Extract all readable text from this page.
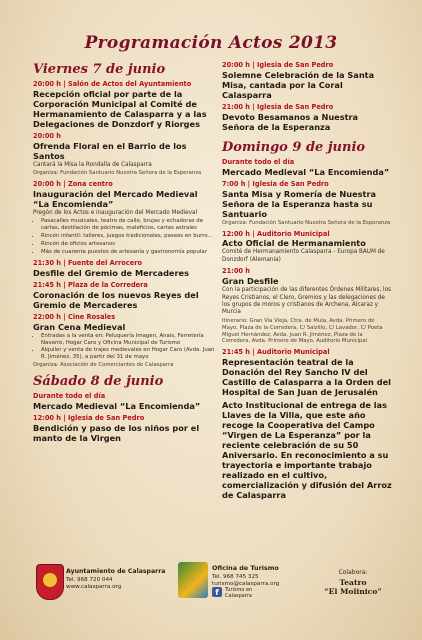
Programación Actos 2013
Viernes 7 de junio
20:00 h | Salón de Actos del Ayuntamiento
Recepción oficial por parte de la Corporación Municipal al Comité de Hermanamiento de Calasparra y a las Delegaciones de Donzdorf y Riorges
20:00 h
Ofrenda Floral en el Barrio de los Santos
Cantará la Misa la Rondalla de Calasparra
Organiza: Fundación Santuario Nuestra Señora de la Esperanza
20:00 h | Zona centro
Inauguración del Mercado Medieval “La Encomienda”
Pregón de los Actos e inauguración del Mercado Medieval
• Pasacalles musicales, teatro de calle, brujas y echadoras de cartas, destilación de pócimas, maleficios, cartas astrales
• Rincón infantil: talleres, juegos tradicionales, paseos en burro…
• Rincón de oficios artesanos
• Más de cuarenta puestos de artesanía y gastronomía popular
21:30 h | Fuente del Arrocero
Desfile del Gremio de Mercaderes
21:45 h | Plaza de la Corredera
Coronación de los nuevos Reyes del Gremio de Mercaderes
22:00 h | Cine Rosales
Gran Cena Medieval
• Entradas a la venta en: Peluquería Imagen, Anais, Ferretería Navarro, Hogar Caro y Oficina Municipal de Turismo
• Alquiler y venta de trajes medievales en Hogar Caro (Avda. Juan R. Jiménez, 35), a partir del 31 de mayo
Organiza: Asociación de Comerciantes de Calasparra
Sábado 8 de junio
Durante todo el día
Mercado Medieval “La Encomienda”
12:00 h | Iglesia de San Pedro
Bendición y paso de los niños por el manto de la Virgen
20:00 h | Iglesia de San Pedro
Solemne Celebración de la Santa Misa, cantada por la Coral Calasparra
21:00 h | Iglesia de San Pedro
Devoto Besamanos a Nuestra Señora de la Esperanza
Domingo 9 de junio
Durante todo el día
Mercado Medieval “La Encomienda”
7:00 h | Iglesia de San Pedro
Santa Misa y Romería de Nuestra Señora de la Esperanza hasta su Santuario
Organiza: Fundación Santuario Nuestra Señora de la Esperanza
12:00 h | Auditorio Municipal
Acto Oficial de Hermanamiento
Comité de Hermanamiento Calasparra - Europa BAUM de Donzdorf (Alemania)
21:00 h
Gran Desfile
Con la participación de las diferentes Órdenes Militares, los Reyes Cristianos, el Clero, Gremios y las delegaciones de los grupos de moros y cristianos de Archena, Alcaraz y Murcia
Itinerario: Gran Vía Vieja, Ctra. de Mula, Avda. Primero de Mayo, Plaza de la Corredera, C/ Salzillo, C/ Lavador, C/ Poeta Miguel Hernández, Avda. Juan R. Jiménez, Plaza de la Corredera, Avda. Primero de Mayo, Auditorio Municipal
21:45 h | Auditorio Municipal
Representación teatral de la Donación del Rey Sancho IV del Castillo de Calasparra a la Orden del Hospital de San Juan de Jerusalén
Acto Institucional de entrega de las Llaves de la Villa, que este año recoge la Cooperativa del Campo “Virgen de La Esperanza” por la reciente celebración de su 50 Aniversario. En reconocimiento a su trayectoria e importante trabajo realizado en el cultivo, comercialización y difusión del Arroz de Calasparra
Ayuntamiento de Calasparra
Tel. 968 720 044
www.calasparra.org
Oficina de Turismo
Tel. 968 745 325
turismo@calasparra.org
f	Turismo en
Calasparra
Colabora:
Teatro
“El Molinico”
